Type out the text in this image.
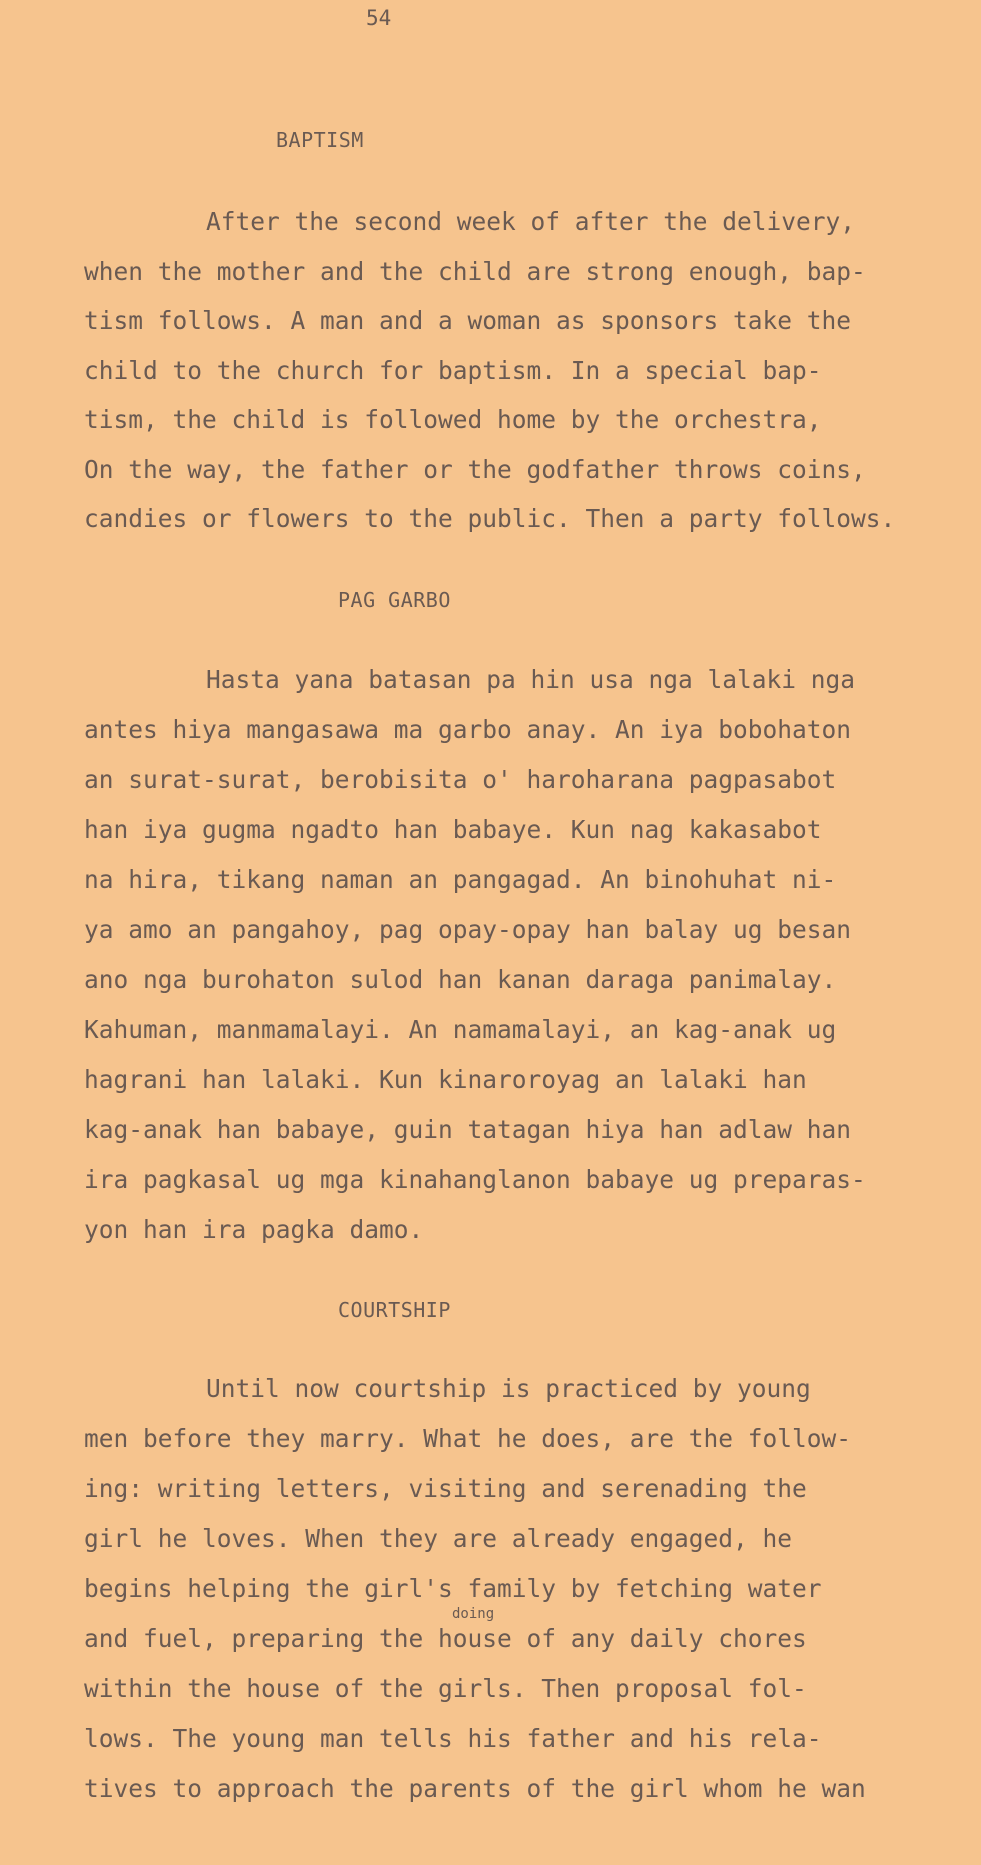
54
BAPTISM
After the second week of after the delivery,
when the mother and the child are strong enough, bap-
tism follows. A man and a woman as sponsors take the
child to the church for baptism. In a special bap-
tism, the child is followed home by the orchestra,
On the way, the father or the godfather throws coins,
candies or flowers to the public. Then a party follows.
PAG GARBO
Hasta yana batasan pa hin usa nga lalaki nga
antes hiya mangasawa ma garbo anay. An iya bobohaton
an surat-surat, berobisita o' haroharana pagpasabot
han iya gugma ngadto han babaye. Kun nag kakasabot
na hira, tikang naman an pangagad. An binohuhat ni-
ya amo an pangahoy, pag opay-opay han balay ug besan
ano nga burohaton sulod han kanan daraga panimalay.
Kahuman, manmamalayi. An namamalayi, an kag-anak ug
hagrani han lalaki. Kun kinaroroyag an lalaki han
kag-anak han babaye, guin tatagan hiya han adlaw han
ira pagkasal ug mga kinahanglanon babaye ug preparas-
yon han ira pagka damo.
COURTSHIP
Until now courtship is practiced by young
men before they marry. What he does, are the follow-
ing: writing letters, visiting and serenading the
girl he loves. When they are already engaged, he
begins helping the girl's family by fetching water
and fuel, preparing the house of any daily chores
within the house of the girls. Then proposal fol-
lows. The young man tells his father and his rela-
tives to approach the parents of the girl whom he wan
doing
